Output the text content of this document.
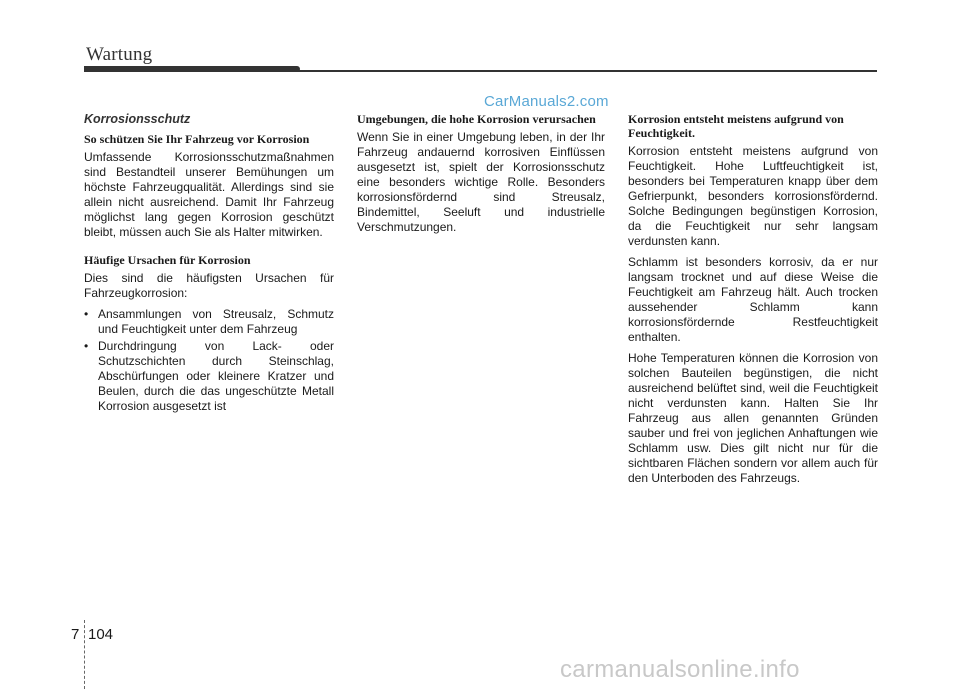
Wartung
CarManuals2.com
Korrosionsschutz
So schützen Sie Ihr Fahrzeug vor Korrosion

Umfassende Korrosionsschutzmaßnahmen sind Bestandteil unserer Bemühungen um höchste Fahrzeugqualität. Allerdings sind sie allein nicht ausreichend. Damit Ihr Fahrzeug möglichst lang gegen Korrosion geschützt bleibt, müssen auch Sie als Halter mitwirken.

Häufige Ursachen für Korrosion

Dies sind die häufigsten Ursachen für Fahrzeugkorrosion:

• Ansammlungen von Streusalz, Schmutz und Feuchtigkeit unter dem Fahrzeug
• Durchdringung von Lack- oder Schutzschichten durch Steinschlag, Abschürfungen oder kleinere Kratzer und Beulen, durch die das ungeschützte Metall Korrosion ausgesetzt ist
Umgebungen, die hohe Korrosion verursachen

Wenn Sie in einer Umgebung leben, in der Ihr Fahrzeug andauernd korrosiven Einflüssen ausgesetzt ist, spielt der Korrosionsschutz eine besonders wichtige Rolle. Besonders korrosionsfördernd sind Streusalz, Bindemittel, Seeluft und industrielle Verschmutzungen.

Korrosion entsteht meistens aufgrund von Feuchtigkeit.

Korrosion entsteht meistens aufgrund von Feuchtigkeit. Hohe Luftfeuchtigkeit ist, besonders bei Temperaturen knapp über dem Gefrierpunkt, besonders korrosionsfördernd. Solche Bedingungen begünstigen Korrosion, da die Feuchtigkeit nur sehr langsam verdunsten kann.

Schlamm ist besonders korrosiv, da er nur langsam trocknet und auf diese Weise die Feuchtigkeit am Fahrzeug hält. Auch trocken aussehender Schlamm kann korrosionsfördernde Restfeuchtigkeit enthalten.

Hohe Temperaturen können die Korrosion von solchen Bauteilen begünstigen, die nicht ausreichend belüftet sind, weil die Feuchtigkeit nicht verdunsten kann. Halten Sie Ihr Fahrzeug aus allen genannten Gründen sauber und frei von jeglichen Anhaftungen wie Schlamm usw. Dies gilt nicht nur für die sichtbaren Flächen sondern vor allem auch für den Unterboden des Fahrzeugs.

7 104
carmanualsonline.info
